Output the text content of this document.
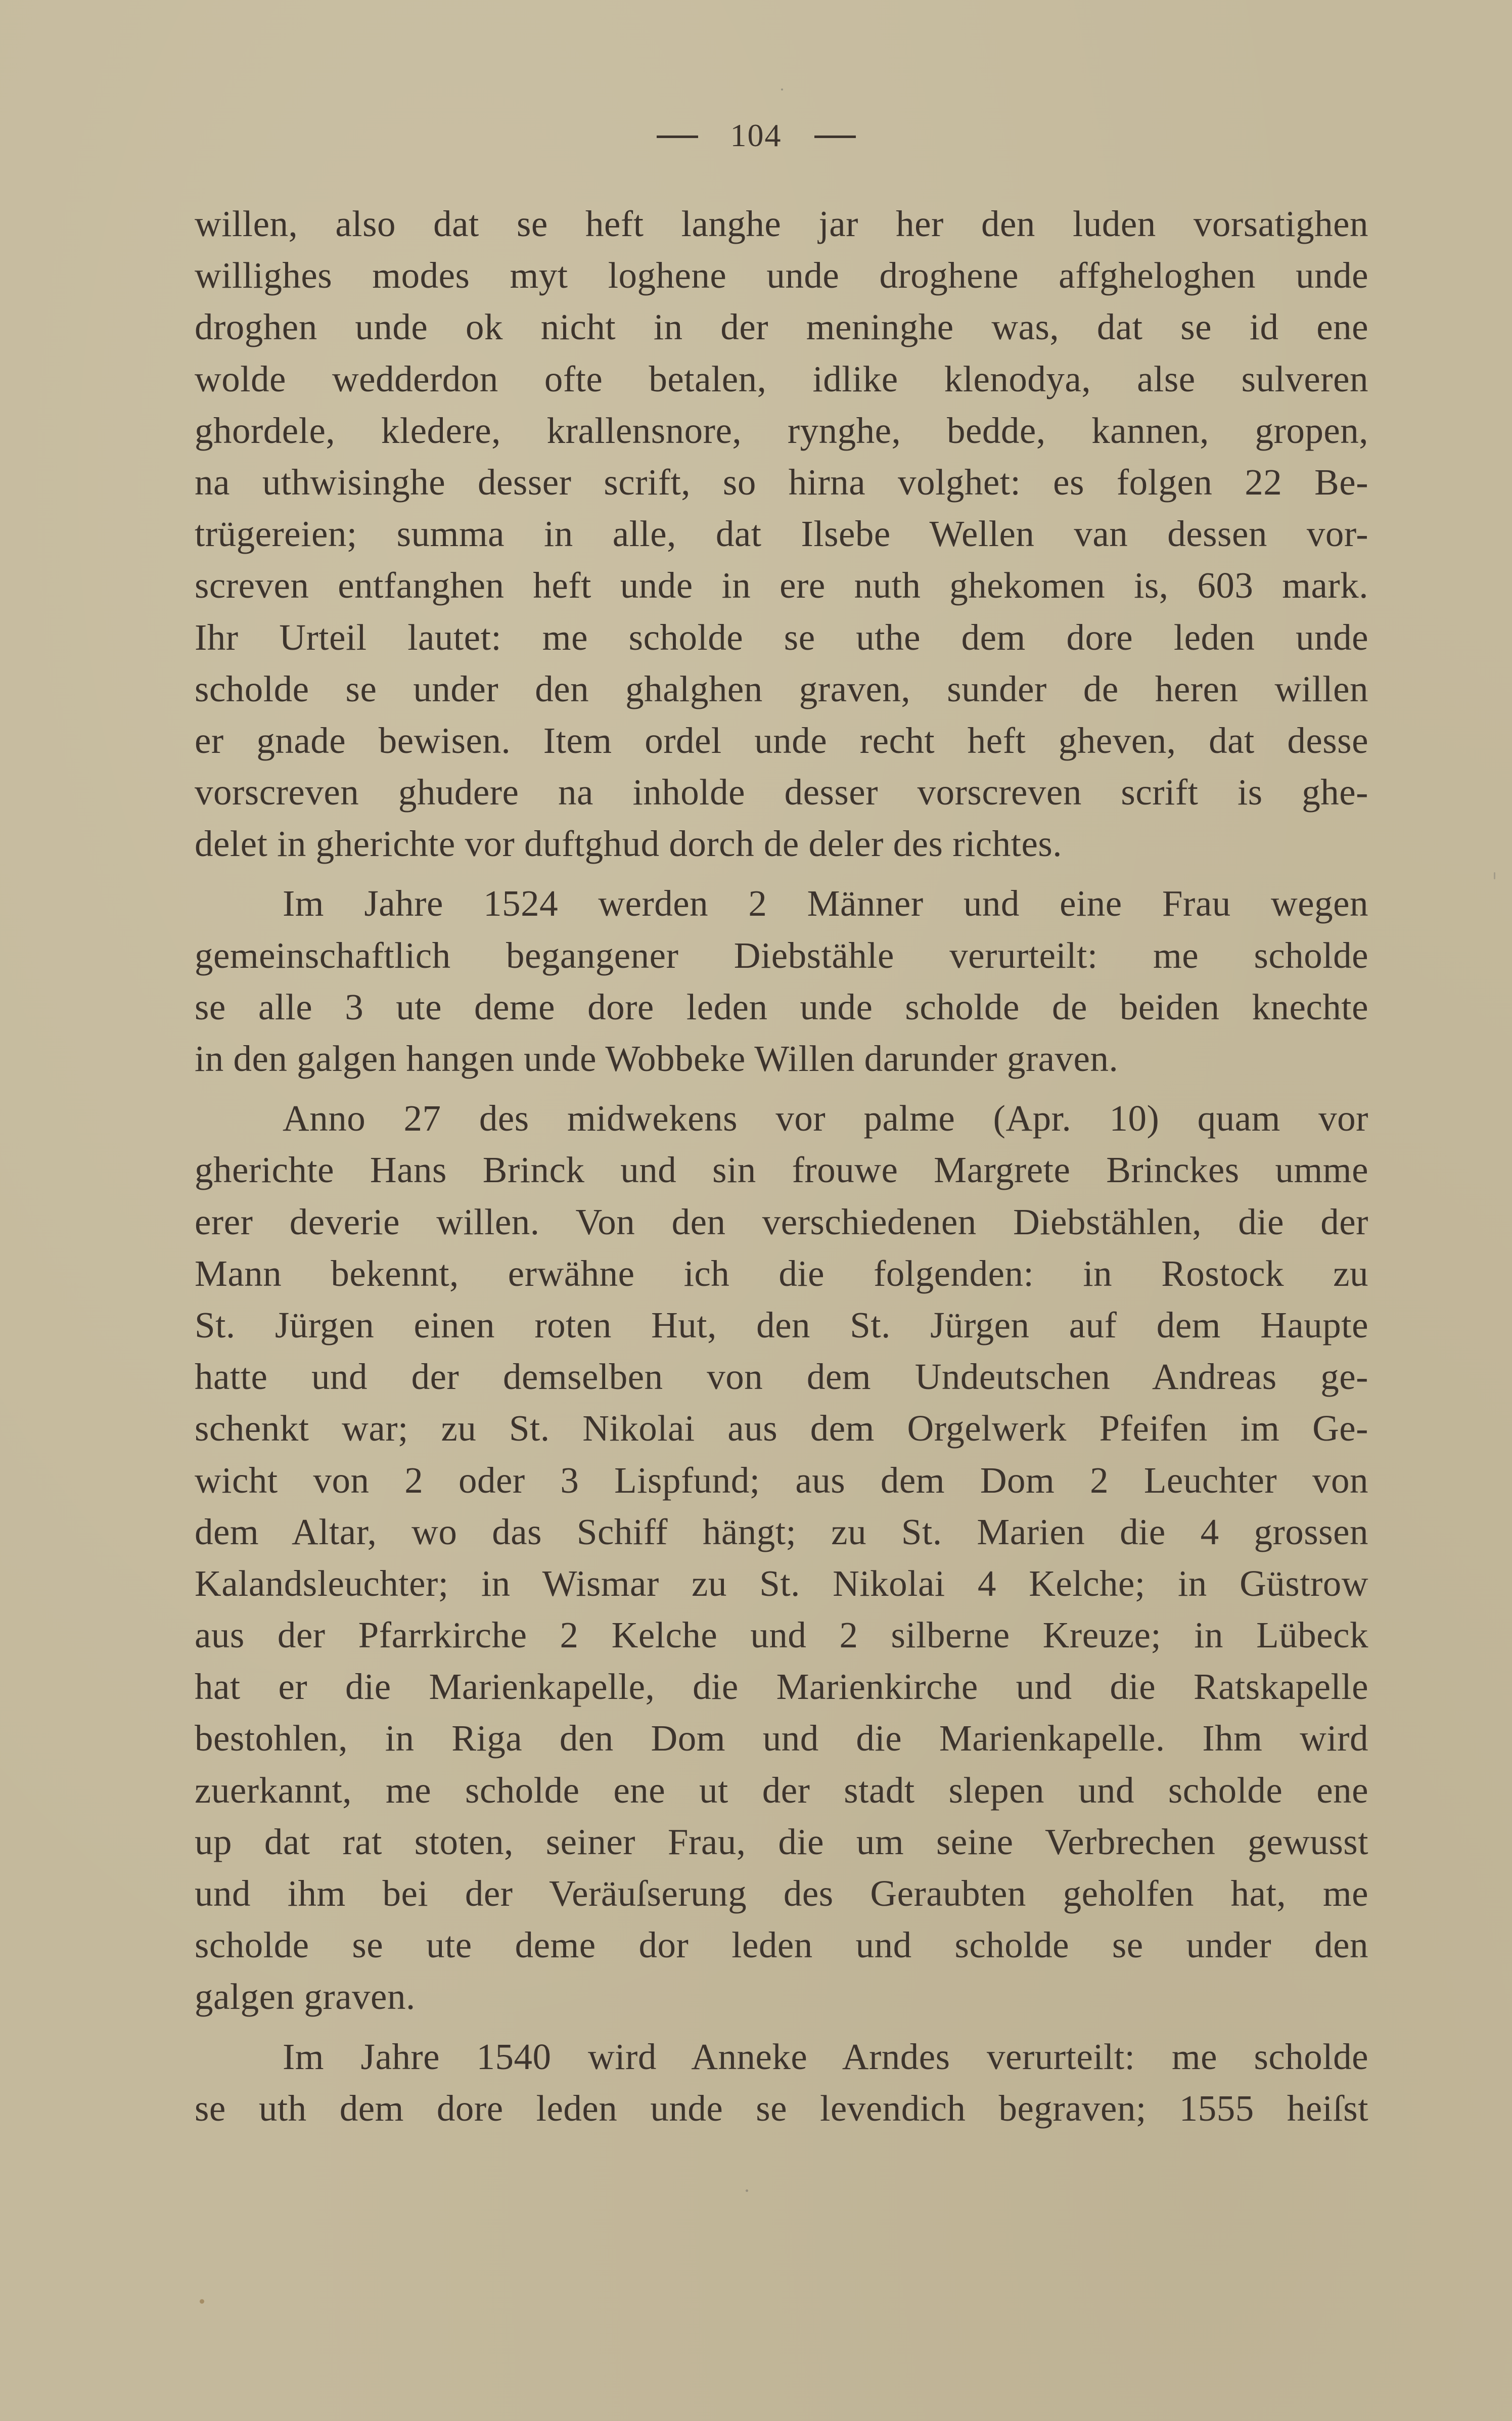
104
willen, also dat se heft langhe jar her den luden vorsatighen
willighes modes myt loghene unde droghene affgheloghen unde
droghen unde ok nicht in der meninghe was, dat se id ene
wolde wedderdon ofte betalen, idlike klenodya, alse sulveren
ghordele, kledere, krallensnore, rynghe, bedde, kannen, gropen,
na uthwisinghe desser scrift, so hirna volghet: es folgen 22 Be-
trügereien; summa in alle, dat Ilsebe Wellen van dessen vor-
screven entfanghen heft unde in ere nuth ghekomen is, 603 mark.
Ihr Urteil lautet: me scholde se uthe dem dore leden unde
scholde se under den ghalghen graven, sunder de heren willen
er gnade bewisen. Item ordel unde recht heft gheven, dat desse
vorscreven ghudere na inholde desser vorscreven scrift is ghe-
delet in gherichte vor duftghud dorch de deler des richtes.
Im Jahre 1524 werden 2 Männer und eine Frau wegen
gemeinschaftlich begangener Diebstähle verurteilt: me scholde
se alle 3 ute deme dore leden unde scholde de beiden knechte
in den galgen hangen unde Wobbeke Willen darunder graven.
Anno 27 des midwekens vor palme (Apr. 10) quam vor
gherichte Hans Brinck und sin frouwe Margrete Brinckes umme
erer deverie willen. Von den verschiedenen Diebstählen, die der
Mann bekennt, erwähne ich die folgenden: in Rostock zu
St. Jürgen einen roten Hut, den St. Jürgen auf dem Haupte
hatte und der demselben von dem Undeutschen Andreas ge-
schenkt war; zu St. Nikolai aus dem Orgelwerk Pfeifen im Ge-
wicht von 2 oder 3 Lispfund; aus dem Dom 2 Leuchter von
dem Altar, wo das Schiff hängt; zu St. Marien die 4 grossen
Kalandsleuchter; in Wismar zu St. Nikolai 4 Kelche; in Güstrow
aus der Pfarrkirche 2 Kelche und 2 silberne Kreuze; in Lübeck
hat er die Marienkapelle, die Marienkirche und die Ratskapelle
bestohlen, in Riga den Dom und die Marienkapelle. Ihm wird
zuerkannt, me scholde ene ut der stadt slepen und scholde ene
up dat rat stoten, seiner Frau, die um seine Verbrechen gewusst
und ihm bei der Veräuſserung des Geraubten geholfen hat, me
scholde se ute deme dor leden und scholde se under den
galgen graven.
Im Jahre 1540 wird Anneke Arndes verurteilt: me scholde
se uth dem dore leden unde se levendich begraven; 1555 heiſst
